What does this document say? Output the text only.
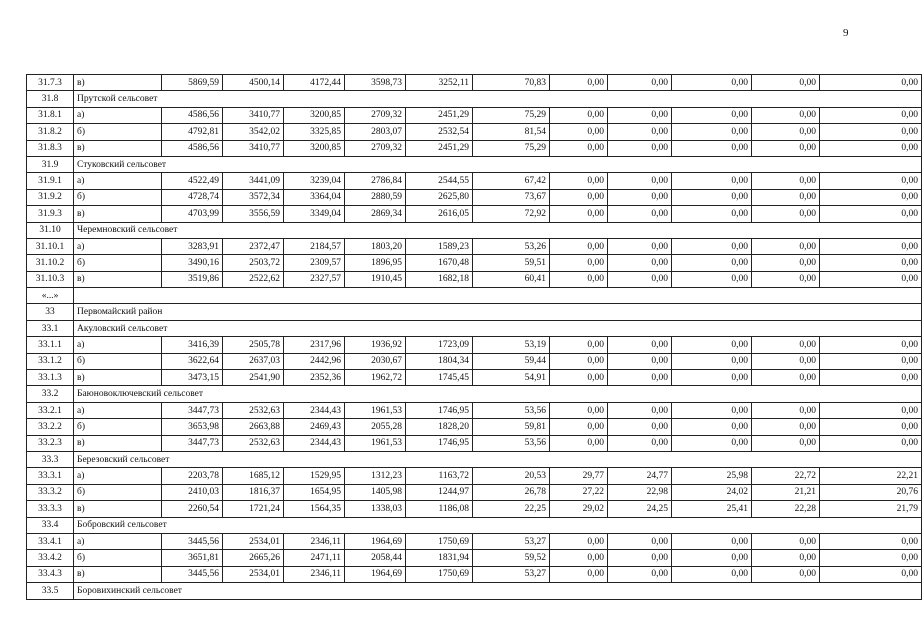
9
31.7.3	в)	5869,59	4500,14	4172,44	3598,73	3252,11	70,83	0,00	0,00	0,00	0,00	0,00
31.8	Прутской сельсовет											
31.8.1	а)	4586,56	3410,77	3200,85	2709,32	2451,29	75,29	0,00	0,00	0,00	0,00	0,00
31.8.2	б)	4792,81	3542,02	3325,85	2803,07	2532,54	81,54	0,00	0,00	0,00	0,00	0,00
31.8.3	в)	4586,56	3410,77	3200,85	2709,32	2451,29	75,29	0,00	0,00	0,00	0,00	0,00
31.9	Стуковский сельсовет											
31.9.1	а)	4522,49	3441,09	3239,04	2786,84	2544,55	67,42	0,00	0,00	0,00	0,00	0,00
31.9.2	б)	4728,74	3572,34	3364,04	2880,59	2625,80	73,67	0,00	0,00	0,00	0,00	0,00
31.9.3	в)	4703,99	3556,59	3349,04	2869,34	2616,05	72,92	0,00	0,00	0,00	0,00	0,00
31.10	Черемновский сельсовет											
31.10.1	а)	3283,91	2372,47	2184,57	1803,20	1589,23	53,26	0,00	0,00	0,00	0,00	0,00
31.10.2	б)	3490,16	2503,72	2309,57	1896,95	1670,48	59,51	0,00	0,00	0,00	0,00	0,00
31.10.3	в)	3519,86	2522,62	2327,57	1910,45	1682,18	60,41	0,00	0,00	0,00	0,00	0,00
«...»												
33	Первомайский район											
33.1	Акуловский сельсовет											
33.1.1	а)	3416,39	2505,78	2317,96	1936,92	1723,09	53,19	0,00	0,00	0,00	0,00	0,00
33.1.2	б)	3622,64	2637,03	2442,96	2030,67	1804,34	59,44	0,00	0,00	0,00	0,00	0,00
33.1.3	в)	3473,15	2541,90	2352,36	1962,72	1745,45	54,91	0,00	0,00	0,00	0,00	0,00
33.2	Баюновоключевский сельсовет											
33.2.1	а)	3447,73	2532,63	2344,43	1961,53	1746,95	53,56	0,00	0,00	0,00	0,00	0,00
33.2.2	б)	3653,98	2663,88	2469,43	2055,28	1828,20	59,81	0,00	0,00	0,00	0,00	0,00
33.2.3	в)	3447,73	2532,63	2344,43	1961,53	1746,95	53,56	0,00	0,00	0,00	0,00	0,00
33.3	Березовский сельсовет											
33.3.1	а)	2203,78	1685,12	1529,95	1312,23	1163,72	20,53	29,77	24,77	25,98	22,72	22,21
33.3.2	б)	2410,03	1816,37	1654,95	1405,98	1244,97	26,78	27,22	22,98	24,02	21,21	20,76
33.3.3	в)	2260,54	1721,24	1564,35	1338,03	1186,08	22,25	29,02	24,25	25,41	22,28	21,79
33.4	Бобровский сельсовет											
33.4.1	а)	3445,56	2534,01	2346,11	1964,69	1750,69	53,27	0,00	0,00	0,00	0,00	0,00
33.4.2	б)	3651,81	2665,26	2471,11	2058,44	1831,94	59,52	0,00	0,00	0,00	0,00	0,00
33.4.3	в)	3445,56	2534,01	2346,11	1964,69	1750,69	53,27	0,00	0,00	0,00	0,00	0,00
33.5	Боровихинский сельсовет											
